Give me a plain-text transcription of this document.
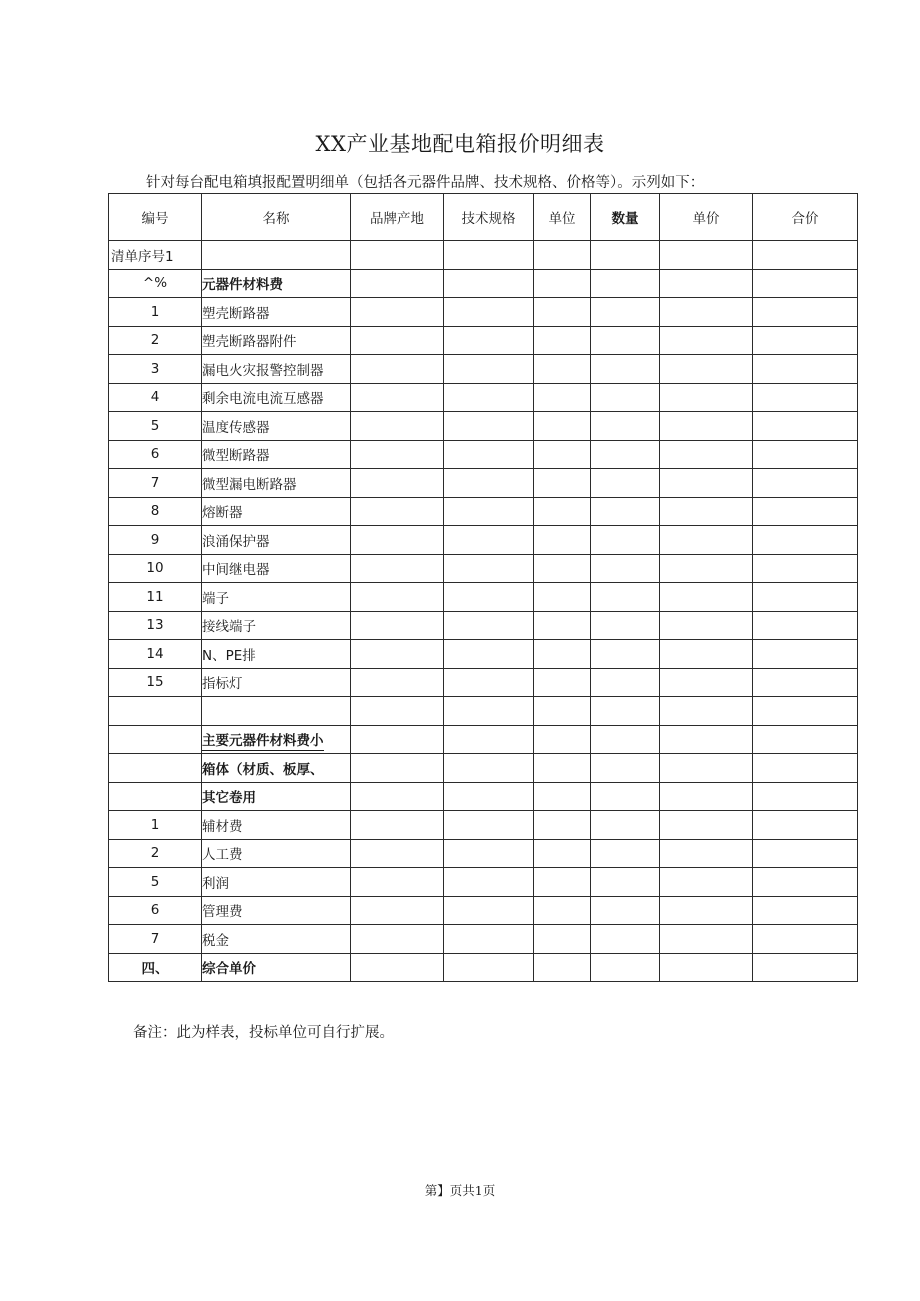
XX产业基地配电箱报价明细表
针对每台配电箱填报配置明细单（包括各元器件品牌、技术规格、价格等）。示列如下：
编号	名称	品牌产地	技术规格	单位	数量	单价	合价
清单序号1							
^%	元器件材料费						
1	塑壳断路器						
2	塑壳断路器附件						
3	漏电火灾报警控制器						
4	剩余电流电流互感器						
5	温度传感器						
6	微型断路器						
7	微型漏电断路器						
8	熔断器						
9	浪涌保护器						
10	中间继电器						
11	端子						
13	接线端子						
14	N、PE排						
15	指标灯						

	主要元器件材料费小						
	箱体（材质、板厚、						
	其它卷用						
1	辅材费						
2	人工费						
5	利润						
6	管理费						
7	税金						
四、	综合单价						
备注：此为样表，投标单位可自行扩展。
第】页共1页
